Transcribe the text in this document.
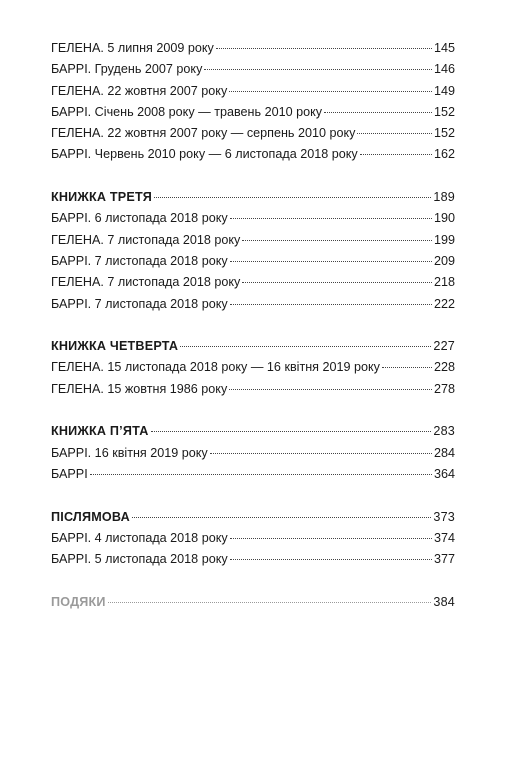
ГЕЛЕНА. 5 липня 2009 року	145
БАРРІ. Грудень 2007 року	146
ГЕЛЕНА. 22 жовтня 2007 року	149
БАРРІ. Січень 2008 року — травень 2010 року	152
ГЕЛЕНА. 22 жовтня 2007 року — серпень 2010 року	152
БАРРІ. Червень 2010 року — 6 листопада 2018 року	162
КНИЖКА ТРЕТЯ	189
БАРРІ. 6 листопада 2018 року	190
ГЕЛЕНА. 7 листопада 2018 року	199
БАРРІ. 7 листопада 2018 року	209
ГЕЛЕНА. 7 листопада 2018 року	218
БАРРІ. 7 листопада 2018 року	222
КНИЖКА ЧЕТВЕРТА	227
ГЕЛЕНА. 15 листопада 2018 року — 16 квітня 2019 року	228
ГЕЛЕНА. 15 жовтня 1986 року	278
КНИЖКА П’ЯТА	283
БАРРІ. 16 квітня 2019 року	284
БАРРІ	364
ПІСЛЯМОВА	373
БАРРІ. 4 листопада 2018 року	374
БАРРІ. 5 листопада 2018 року	377
ПОДЯКИ	384
